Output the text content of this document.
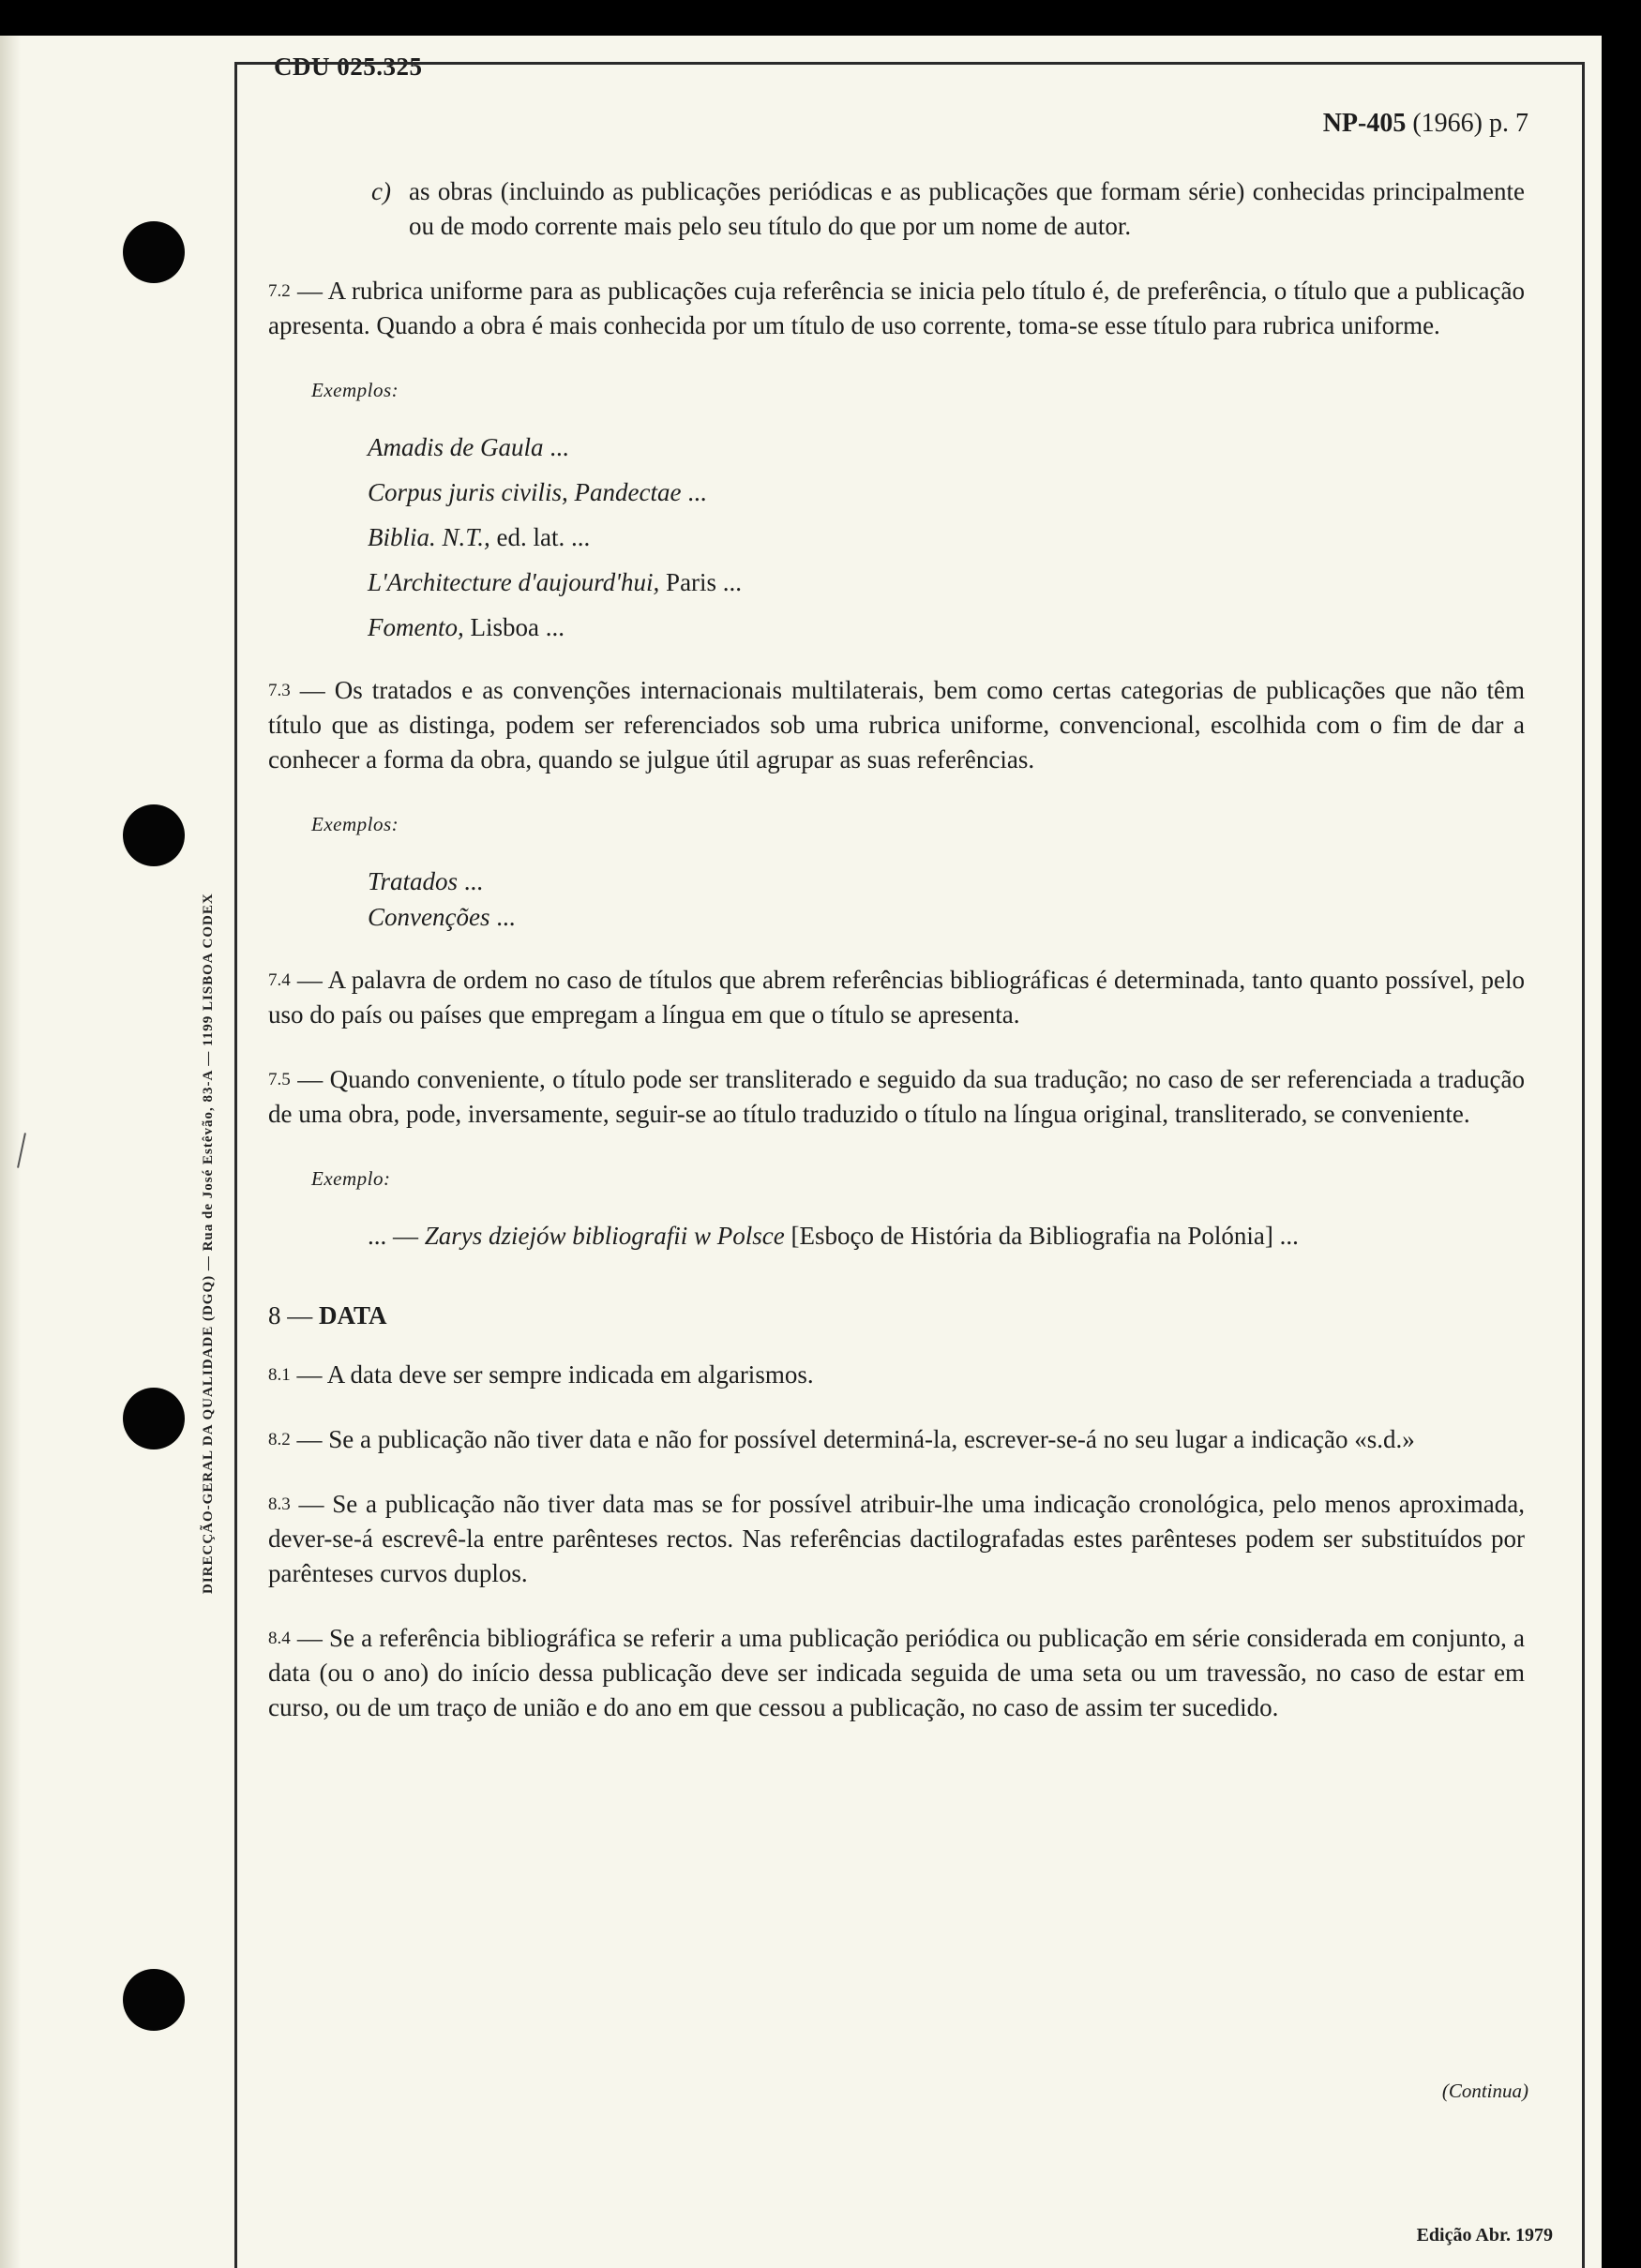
CDU 025.325
NP-405 (1966) p. 7
DIRECÇÃO-GERAL DA QUALIDADE (DGQ) — Rua de José Estêvão, 83-A — 1199 LISBOA CODEX
c) as obras (incluindo as publicações periódicas e as publicações que formam série) conhecidas principalmente ou de modo corrente mais pelo seu título do que por um nome de autor.

7.2 — A rubrica uniforme para as publicações cuja referência se inicia pelo título é, de preferência, o título que a publicação apresenta. Quando a obra é mais conhecida por um título de uso corrente, toma-se esse título para rubrica uniforme.

Exemplos:
Amadis de Gaula ...
Corpus juris civilis, Pandectae ...
Biblia. N.T., ed. lat. ...
L'Architecture d'aujourd'hui, Paris ...
Fomento, Lisboa ...

7.3 — Os tratados e as convenções internacionais multilaterais, bem como certas categorias de publicações que não têm título que as distinga, podem ser referenciados sob uma rubrica uniforme, convencional, escolhida com o fim de dar a conhecer a forma da obra, quando se julgue útil agrupar as suas referências.

Exemplos:
Tratados ...
Convenções ...

7.4 — A palavra de ordem no caso de títulos que abrem referências bibliográficas é determinada, tanto quanto possível, pelo uso do país ou países que empregam a língua em que o título se apresenta.

7.5 — Quando conveniente, o título pode ser transliterado e seguido da sua tradução; no caso de ser referenciada a tradução de uma obra, pode, inversamente, seguir-se ao título traduzido o título na língua original, transliterado, se conveniente.

Exemplo:
... — Zarys dziejów bibliografii w Polsce [Esboço de História da Bibliografia na Polónia] ...
8 — DATA

8.1 — A data deve ser sempre indicada em algarismos.

8.2 — Se a publicação não tiver data e não for possível determiná-la, escrever-se-á no seu lugar a indicação «s.d.»

8.3 — Se a publicação não tiver data mas se for possível atribuir-lhe uma indicação cronológica, pelo menos aproximada, dever-se-á escrevê-la entre parênteses rectos. Nas referências dactilografadas estes parênteses podem ser substituídos por parênteses curvos duplos.

8.4 — Se a referência bibliográfica se referir a uma publicação periódica ou publicação em série considerada em conjunto, a data (ou o ano) do início dessa publicação deve ser indicada seguida de uma seta ou um travessão, no caso de estar em curso, ou de um traço de união e do ano em que cessou a publicação, no caso de assim ter sucedido.

(Continua)
Edição Abr. 1979
